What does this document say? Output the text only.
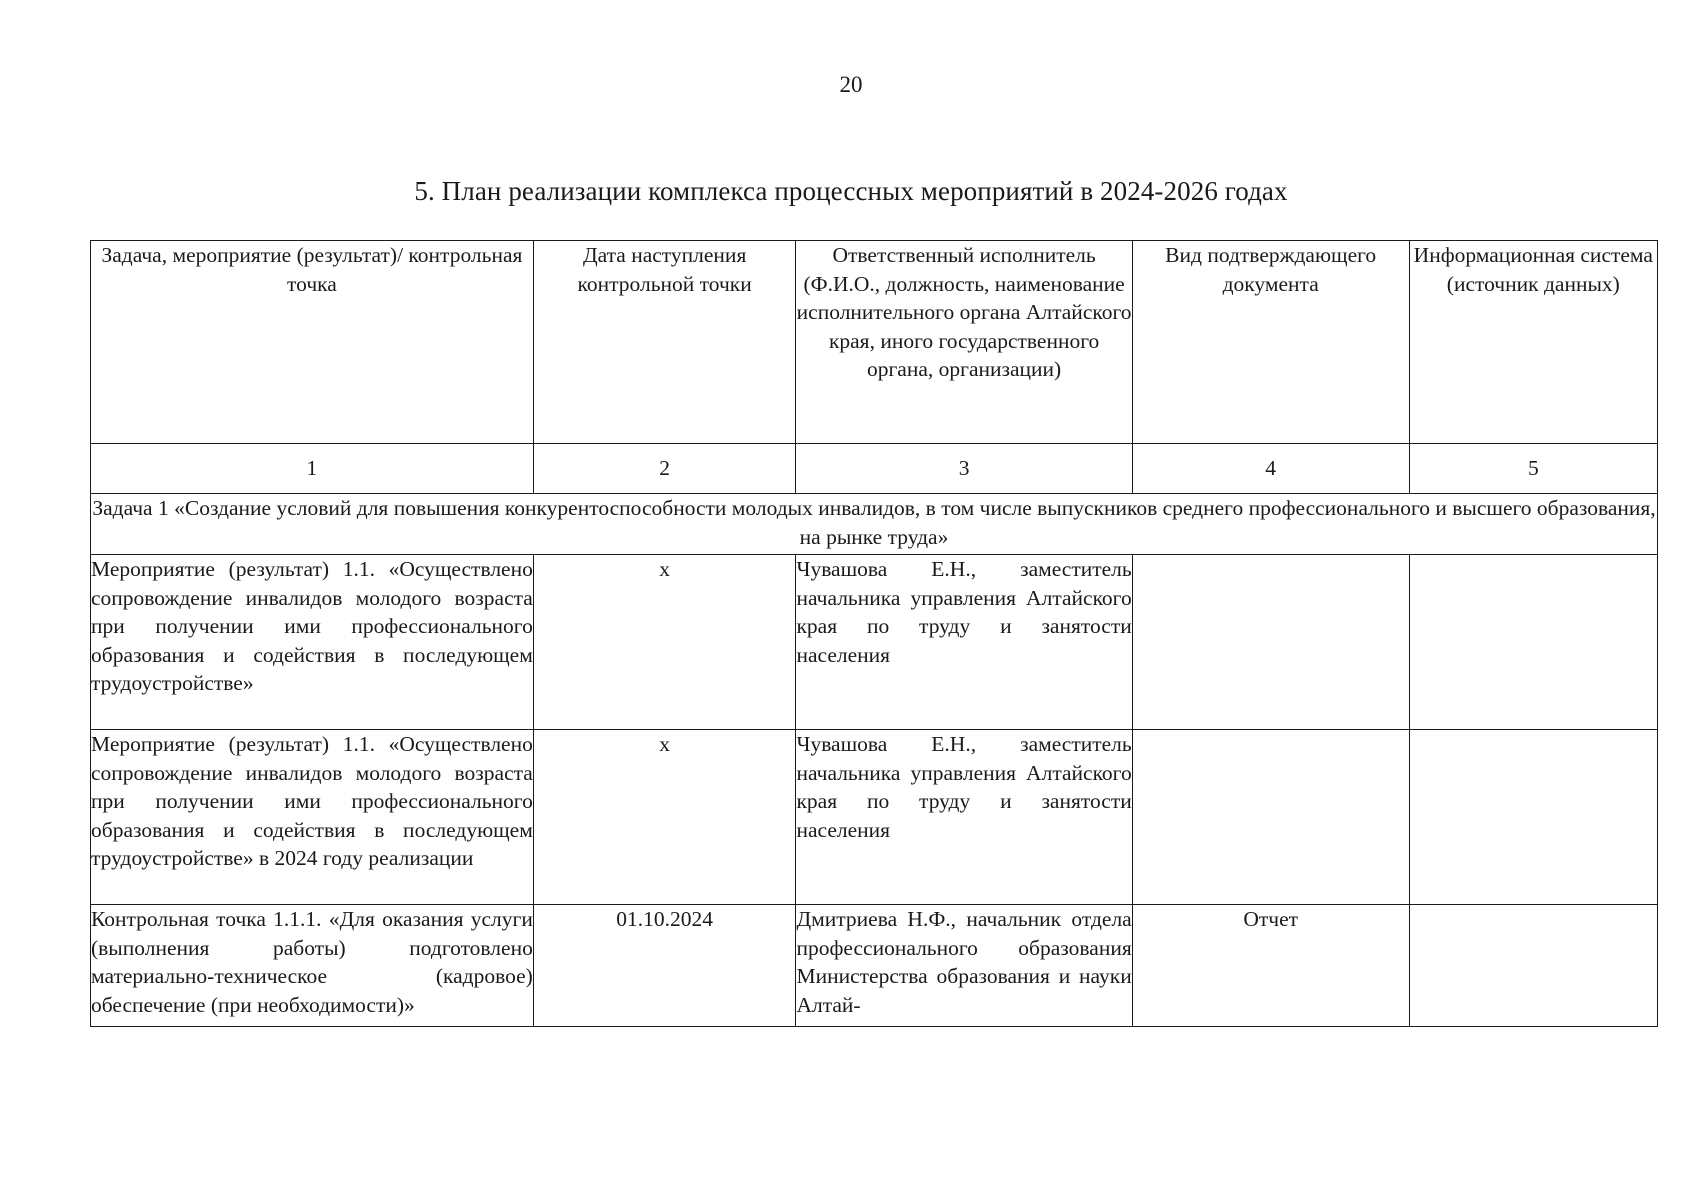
20
5. План реализации комплекса процессных мероприятий в 2024-2026 годах
Задача, мероприятие (результат)/ контрольная точка	Дата наступления контрольной точки	Ответственный исполнитель (Ф.И.О., должность, наименование исполнительного органа Алтайского края, иного государственного органа, организации)	Вид подтверждающего документа	Информационная система (источник данных)
1	2	3	4	5
Задача 1 «Создание условий для повышения конкурентоспособности молодых инвалидов, в том числе выпускников среднего профессионального и высшего образования, на рынке труда»				
Мероприятие (результат) 1.1. «Осуществлено сопровождение инвалидов молодого возраста при получении ими профессионального образования и содействия в последующем трудоустройстве»	x	Чувашова Е.Н., заместитель начальника управления Алтайского края по труду и занятости населения		
Мероприятие (результат) 1.1. «Осуществлено сопровождение инвалидов молодого возраста при получении ими профессионального образования и содействия в последующем трудоустройстве» в 2024 году реализации	x	Чувашова Е.Н., заместитель начальника управления Алтайского края по труду и занятости населения		
Контрольная точка 1.1.1. «Для оказания услуги (выполнения работы) подготовлено материально-техническое (кадровое) обеспечение (при необходимости)»	01.10.2024	Дмитриева Н.Ф., начальник отдела профессионального образования Министерства образования и науки Алтай-	Отчет	
